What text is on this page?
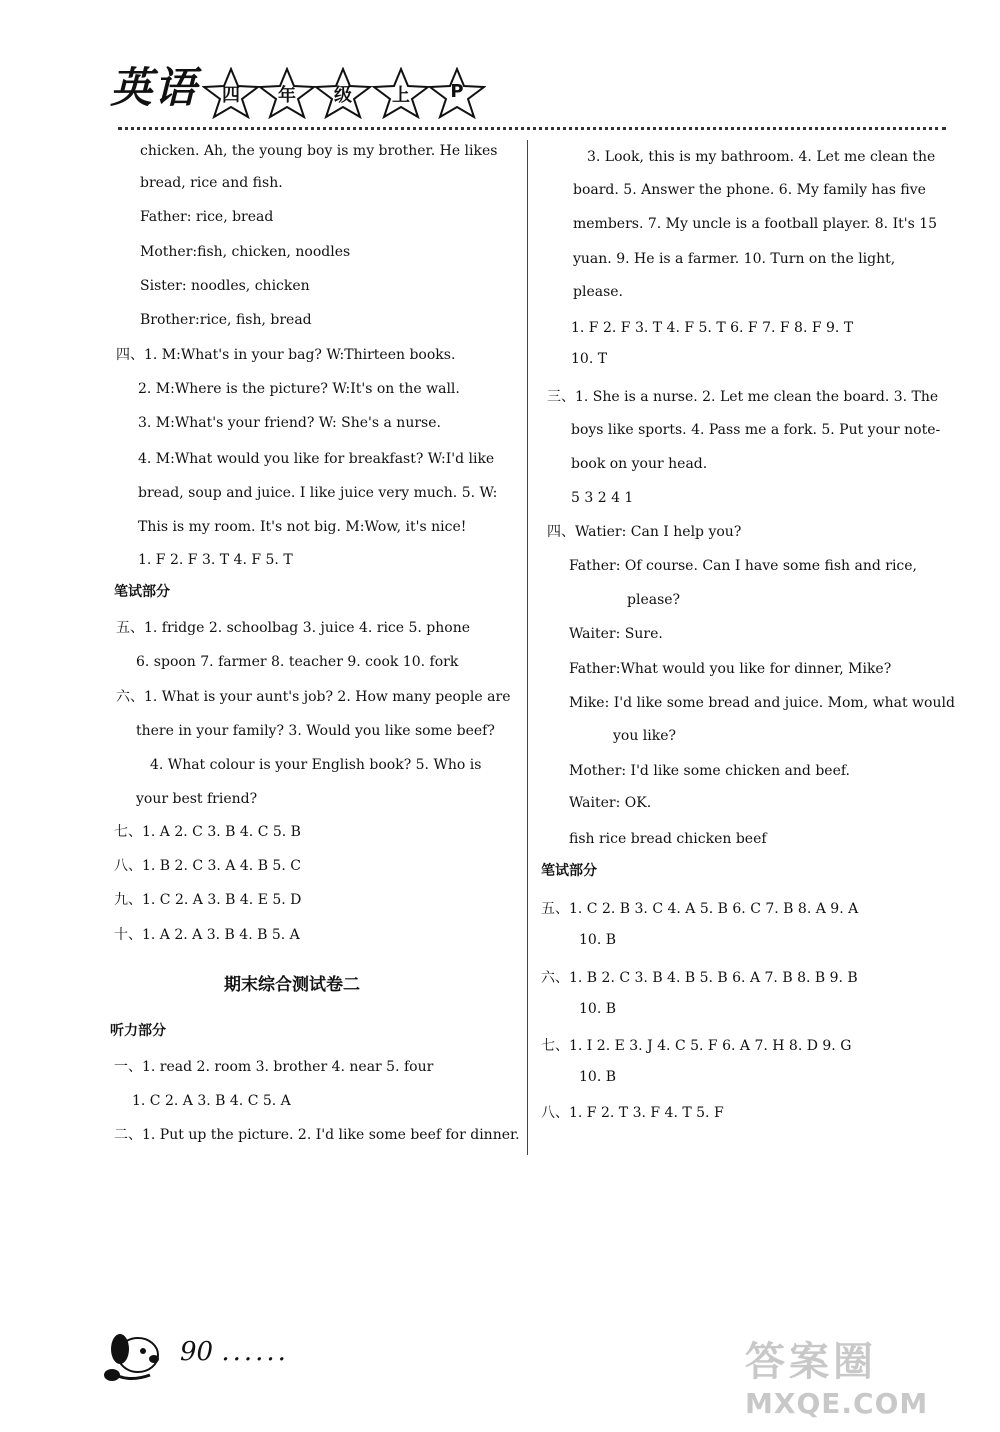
英语	四	年	级	上	P
chicken. Ah, the young boy is my brother. He likes
bread, rice and fish.
Father: rice, bread
Mother:fish, chicken, noodles
Sister: noodles, chicken
Brother:rice, fish, bread
四、1. M:What's in your bag? W:Thirteen books.
2. M:Where is the picture? W:It's on the wall.
3. M:What's your friend? W: She's a nurse.
4. M:What would you like for breakfast? W:I'd like
bread, soup and juice. I like juice very much. 5. W:
This is my room. It's not big. M:Wow, it's nice!
1. F 2. F 3. T 4. F 5. T
笔试部分
五、1. fridge 2. schoolbag 3. juice 4. rice 5. phone
6. spoon 7. farmer 8. teacher 9. cook 10. fork
六、1. What is your aunt's job? 2. How many people are
there in your family? 3. Would you like some beef?
4. What colour is your English book? 5. Who is
your best friend?
七、1. A 2. C 3. B 4. C 5. B
八、1. B 2. C 3. A 4. B 5. C
九、1. C 2. A 3. B 4. E 5. D
十、1. A 2. A 3. B 4. B 5. A
期末综合测试卷二
听力部分
一、1. read 2. room 3. brother 4. near 5. four
1. C 2. A 3. B 4. C 5. A
二、1. Put up the picture. 2. I'd like some beef for dinner.
3. Look, this is my bathroom. 4. Let me clean the
board. 5. Answer the phone. 6. My family has five
members. 7. My uncle is a football player. 8. It's 15
yuan. 9. He is a farmer. 10. Turn on the light,
please.
1. F 2. F 3. T 4. F 5. T 6. F 7. F 8. F 9. T
10. T
三、1. She is a nurse. 2. Let me clean the board. 3. The
boys like sports. 4. Pass me a fork. 5. Put your note-
book on your head.
5 3 2 4 1
四、Watier: Can I help you?
Father: Of course. Can I have some fish and rice,
please?
Waiter: Sure.
Father:What would you like for dinner, Mike?
Mike: I'd like some bread and juice. Mom, what would
you like?
Mother: I'd like some chicken and beef.
Waiter: OK.
fish rice bread chicken beef
笔试部分
五、1. C 2. B 3. C 4. A 5. B 6. C 7. B 8. A 9. A
10. B
六、1. B 2. C 3. B 4. B 5. B 6. A 7. B 8. B 9. B
10. B
七、1. I 2. E 3. J 4. C 5. F 6. A 7. H 8. D 9. G
10. B
八、1. F 2. T 3. F 4. T 5. F
90 ......	答案圈
MXQE.COM
